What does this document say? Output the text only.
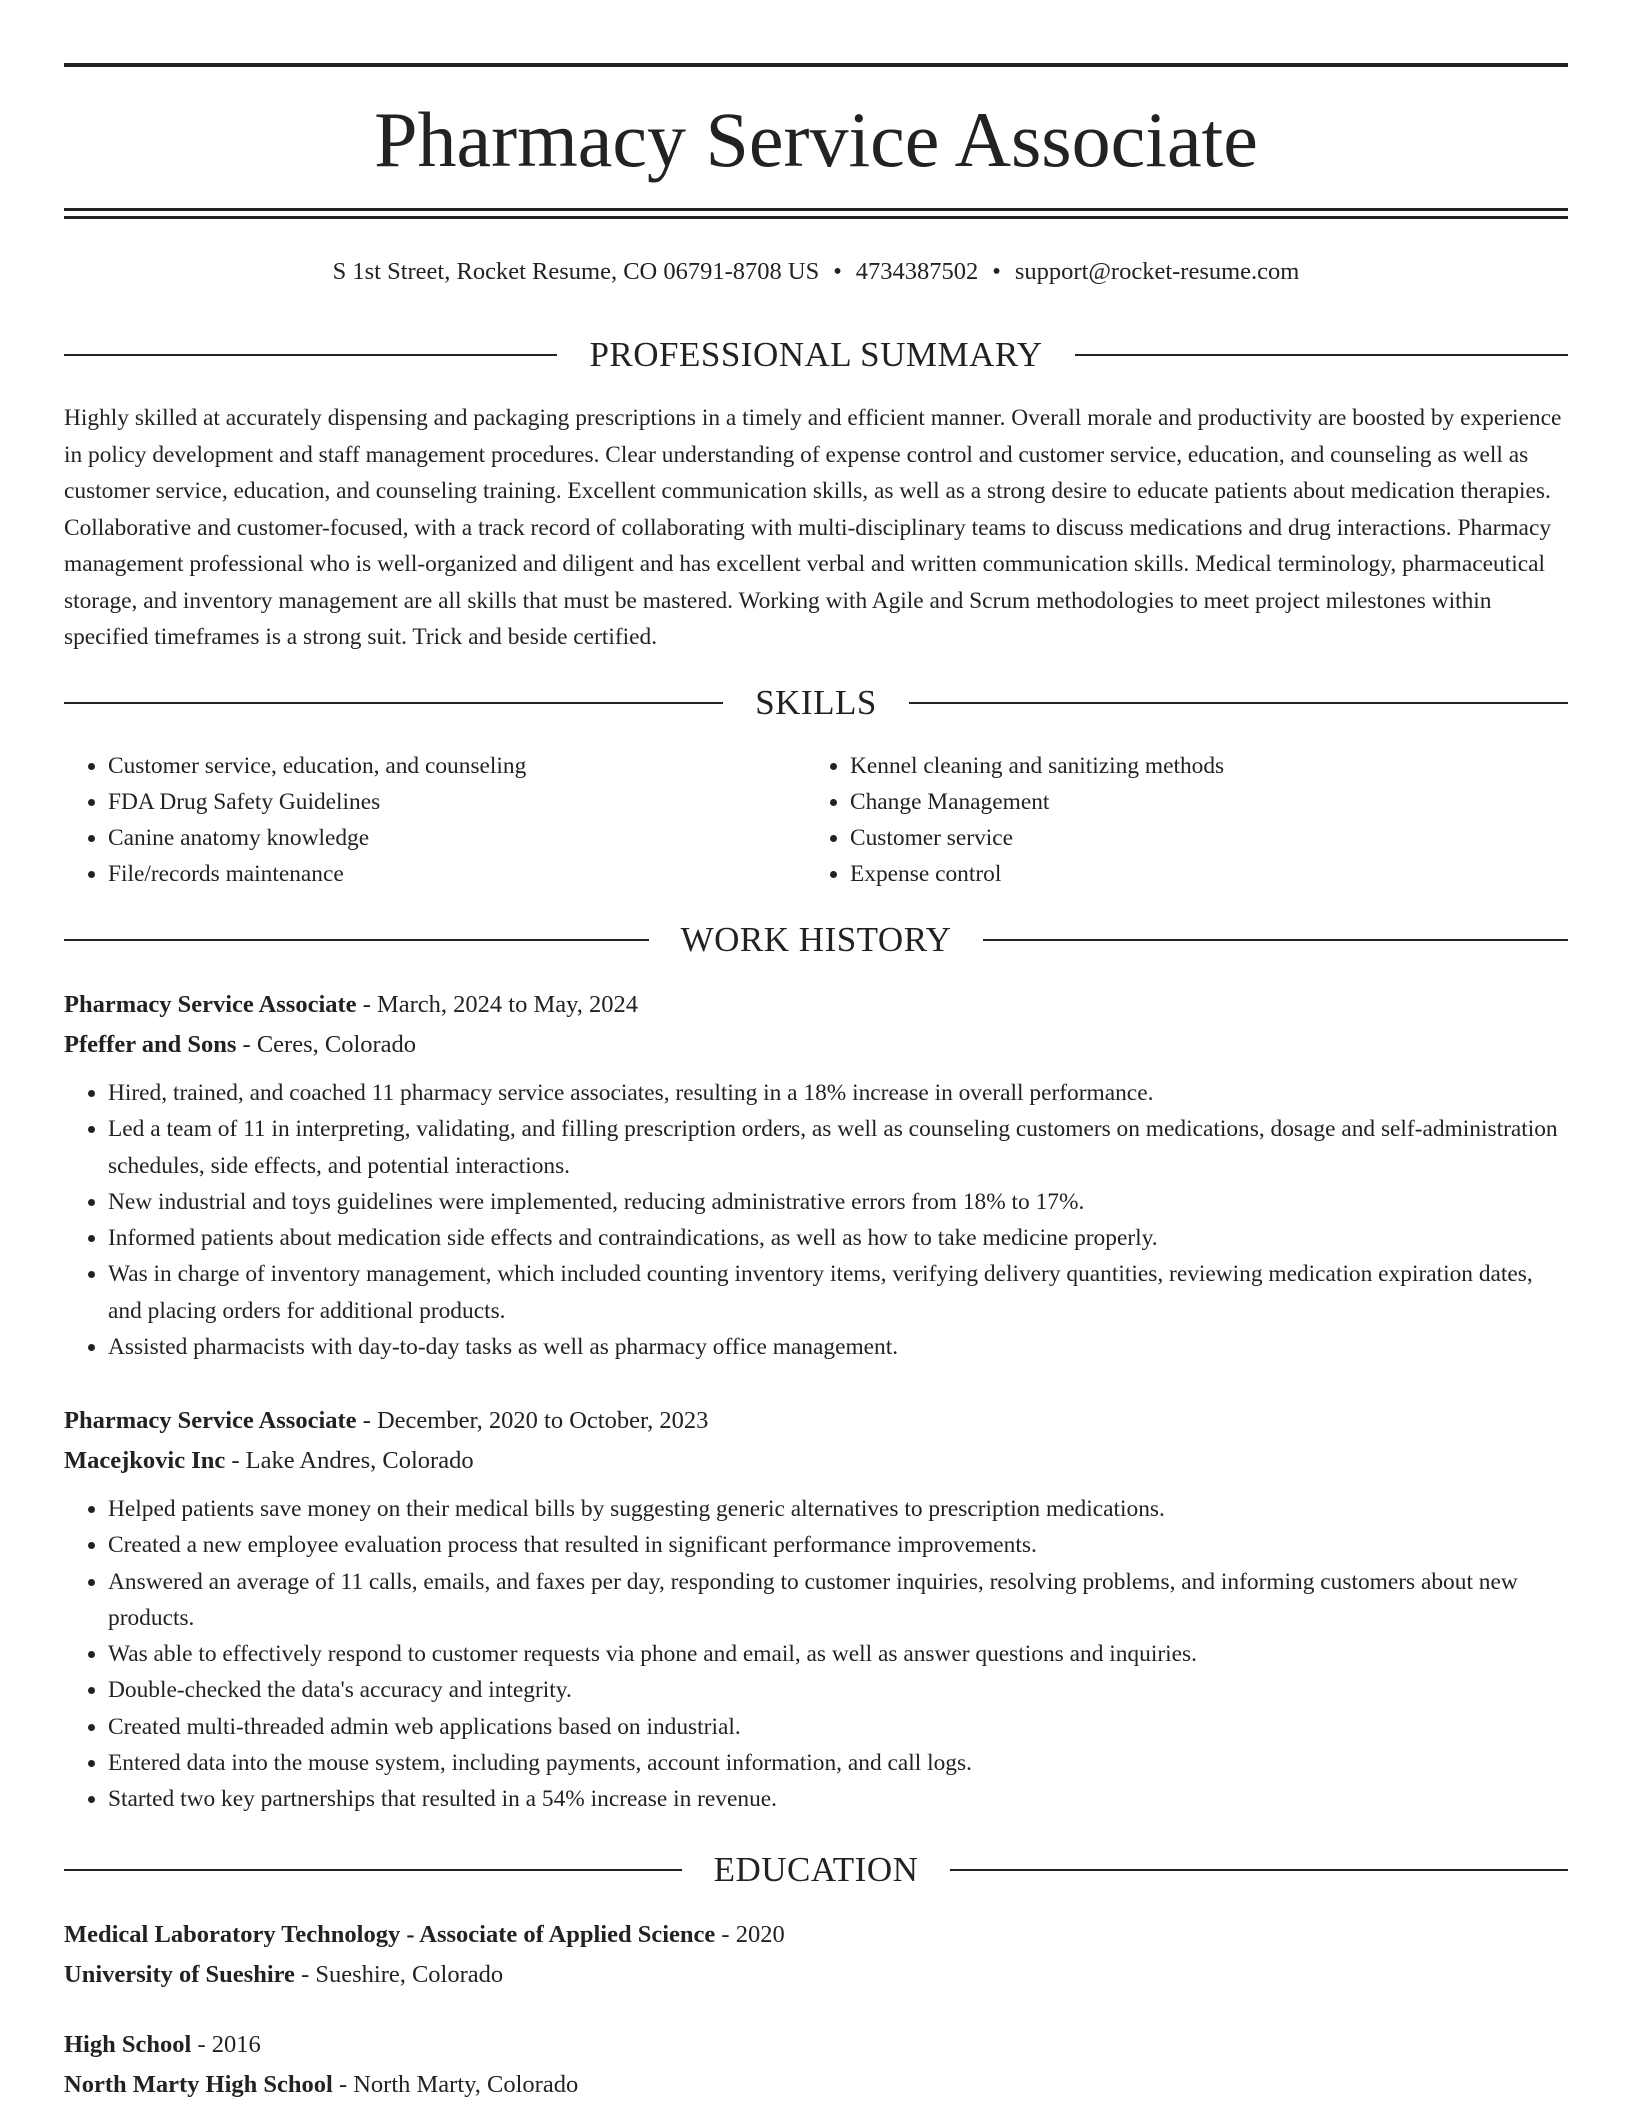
Pharmacy Service Associate
S 1st Street, Rocket Resume, CO 06791-8708 US • 4734387502 • support@rocket-resume.com
PROFESSIONAL SUMMARY
Highly skilled at accurately dispensing and packaging prescriptions in a timely and efficient manner. Overall morale and productivity are boosted by experience in policy development and staff management procedures. Clear understanding of expense control and customer service, education, and counseling as well as customer service, education, and counseling training. Excellent communication skills, as well as a strong desire to educate patients about medication therapies. Collaborative and customer-focused, with a track record of collaborating with multi-disciplinary teams to discuss medications and drug interactions. Pharmacy management professional who is well-organized and diligent and has excellent verbal and written communication skills. Medical terminology, pharmaceutical storage, and inventory management are all skills that must be mastered. Working with Agile and Scrum methodologies to meet project milestones within specified timeframes is a strong suit. Trick and beside certified.
SKILLS
• Customer service, education, and counseling
• FDA Drug Safety Guidelines
• Canine anatomy knowledge
• File/records maintenance
• Kennel cleaning and sanitizing methods
• Change Management
• Customer service
• Expense control
WORK HISTORY
Pharmacy Service Associate - March, 2024 to May, 2024
Pfeffer and Sons - Ceres, Colorado
• Hired, trained, and coached 11 pharmacy service associates, resulting in a 18% increase in overall performance.
• Led a team of 11 in interpreting, validating, and filling prescription orders, as well as counseling customers on medications, dosage and self-administration schedules, side effects, and potential interactions.
• New industrial and toys guidelines were implemented, reducing administrative errors from 18% to 17%.
• Informed patients about medication side effects and contraindications, as well as how to take medicine properly.
• Was in charge of inventory management, which included counting inventory items, verifying delivery quantities, reviewing medication expiration dates, and placing orders for additional products.
• Assisted pharmacists with day-to-day tasks as well as pharmacy office management.
Pharmacy Service Associate - December, 2020 to October, 2023
Macejkovic Inc - Lake Andres, Colorado
• Helped patients save money on their medical bills by suggesting generic alternatives to prescription medications.
• Created a new employee evaluation process that resulted in significant performance improvements.
• Answered an average of 11 calls, emails, and faxes per day, responding to customer inquiries, resolving problems, and informing customers about new products.
• Was able to effectively respond to customer requests via phone and email, as well as answer questions and inquiries.
• Double-checked the data's accuracy and integrity.
• Created multi-threaded admin web applications based on industrial.
• Entered data into the mouse system, including payments, account information, and call logs.
• Started two key partnerships that resulted in a 54% increase in revenue.
EDUCATION
Medical Laboratory Technology - Associate of Applied Science - 2020
University of Sueshire - Sueshire, Colorado
High School - 2016
North Marty High School - North Marty, Colorado
